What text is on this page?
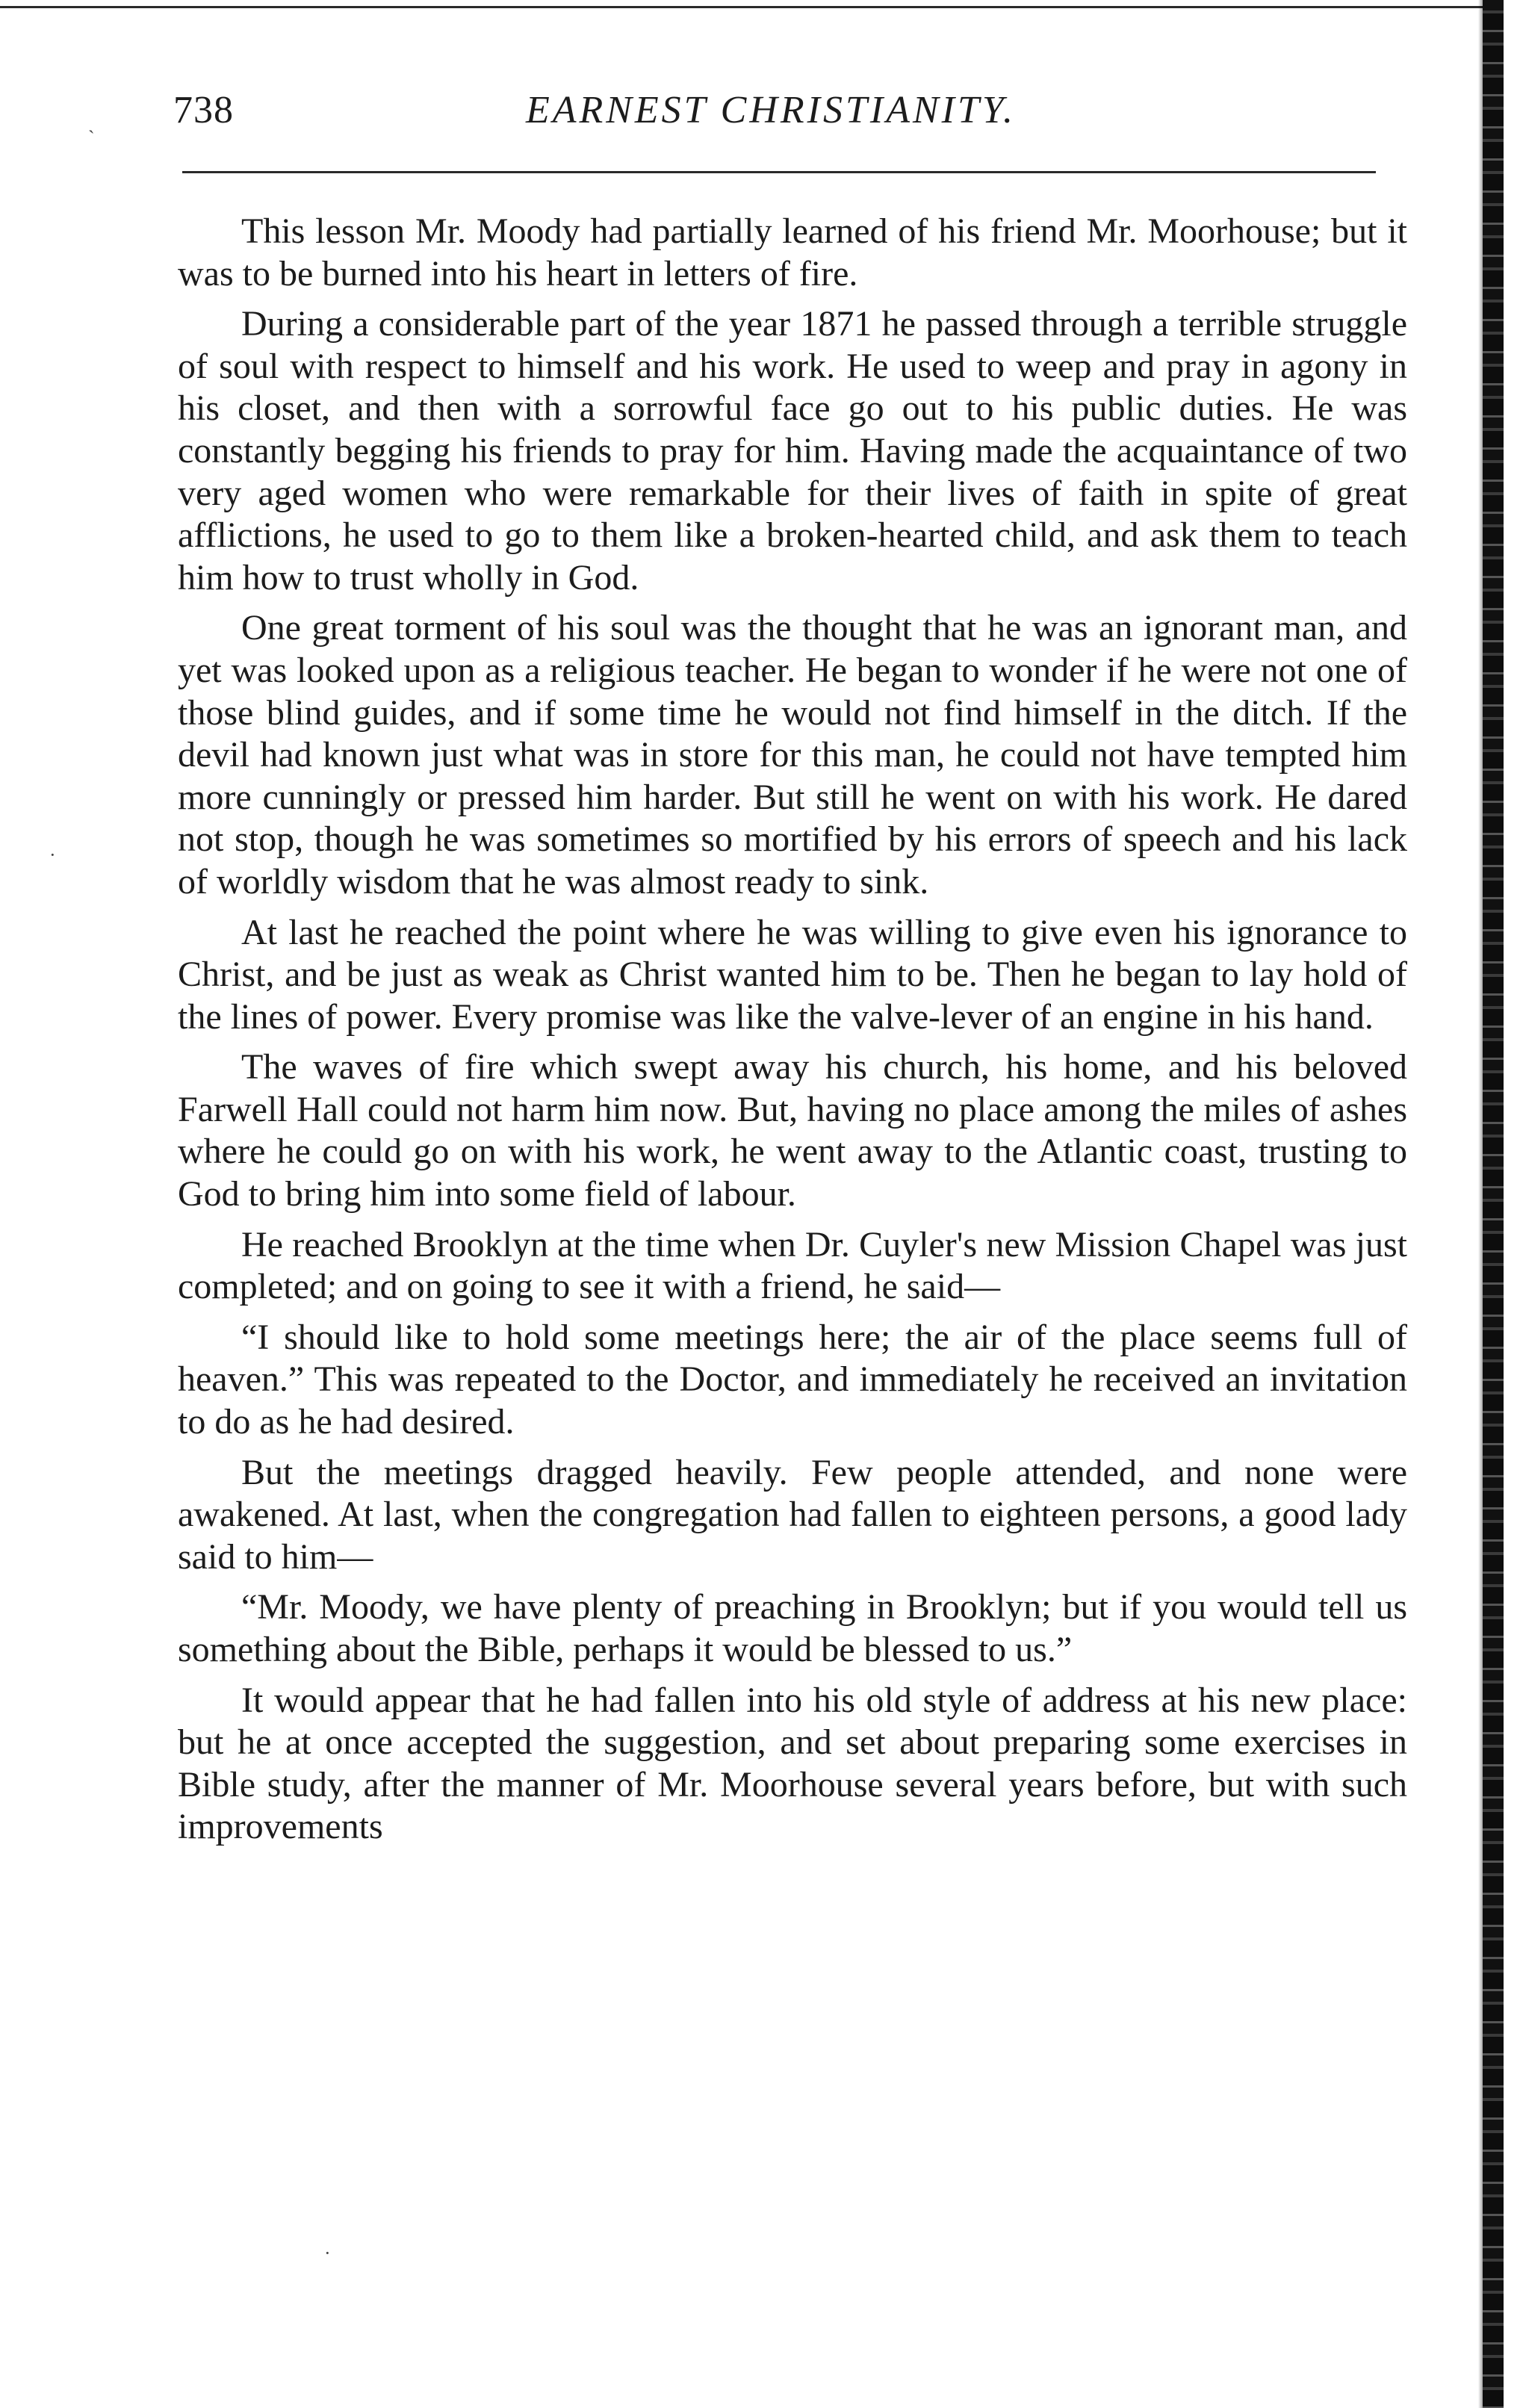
ˎ
·
·
EARNEST CHRISTIANITY.
738

This lesson Mr. Moody had partially learned of his friend Mr. Moorhouse; but it was to be burned into his heart in letters of fire.

During a considerable part of the year 1871 he passed through a terrible struggle of soul with respect to himself and his work. He used to weep and pray in agony in his closet, and then with a sorrowful face go out to his public duties. He was constantly begging his friends to pray for him. Having made the acquaintance of two very aged women who were remarkable for their lives of faith in spite of great afflictions, he used to go to them like a broken-hearted child, and ask them to teach him how to trust wholly in God.

One great torment of his soul was the thought that he was an ignorant man, and yet was looked upon as a religious teacher. He began to wonder if he were not one of those blind guides, and if some time he would not find himself in the ditch. If the devil had known just what was in store for this man, he could not have tempted him more cunningly or pressed him harder. But still he went on with his work. He dared not stop, though he was sometimes so mortified by his errors of speech and his lack of worldly wisdom that he was almost ready to sink.

At last he reached the point where he was willing to give even his ignorance to Christ, and be just as weak as Christ wanted him to be. Then he began to lay hold of the lines of power. Every promise was like the valve-lever of an engine in his hand.

The waves of fire which swept away his church, his home, and his beloved Farwell Hall could not harm him now. But, having no place among the miles of ashes where he could go on with his work, he went away to the Atlantic coast, trusting to God to bring him into some field of labour.

He reached Brooklyn at the time when Dr. Cuyler's new Mission Chapel was just completed; and on going to see it with a friend, he said—

“I should like to hold some meetings here; the air of the place seems full of heaven.” This was repeated to the Doctor, and immediately he received an invitation to do as he had desired.

But the meetings dragged heavily. Few people attended, and none were awakened. At last, when the congregation had fallen to eighteen persons, a good lady said to him—

“Mr. Moody, we have plenty of preaching in Brooklyn; but if you would tell us something about the Bible, perhaps it would be blessed to us.”

It would appear that he had fallen into his old style of address at his new place: but he at once accepted the suggestion, and set about preparing some exercises in Bible study, after the manner of Mr. Moorhouse several years before, but with such improvements
